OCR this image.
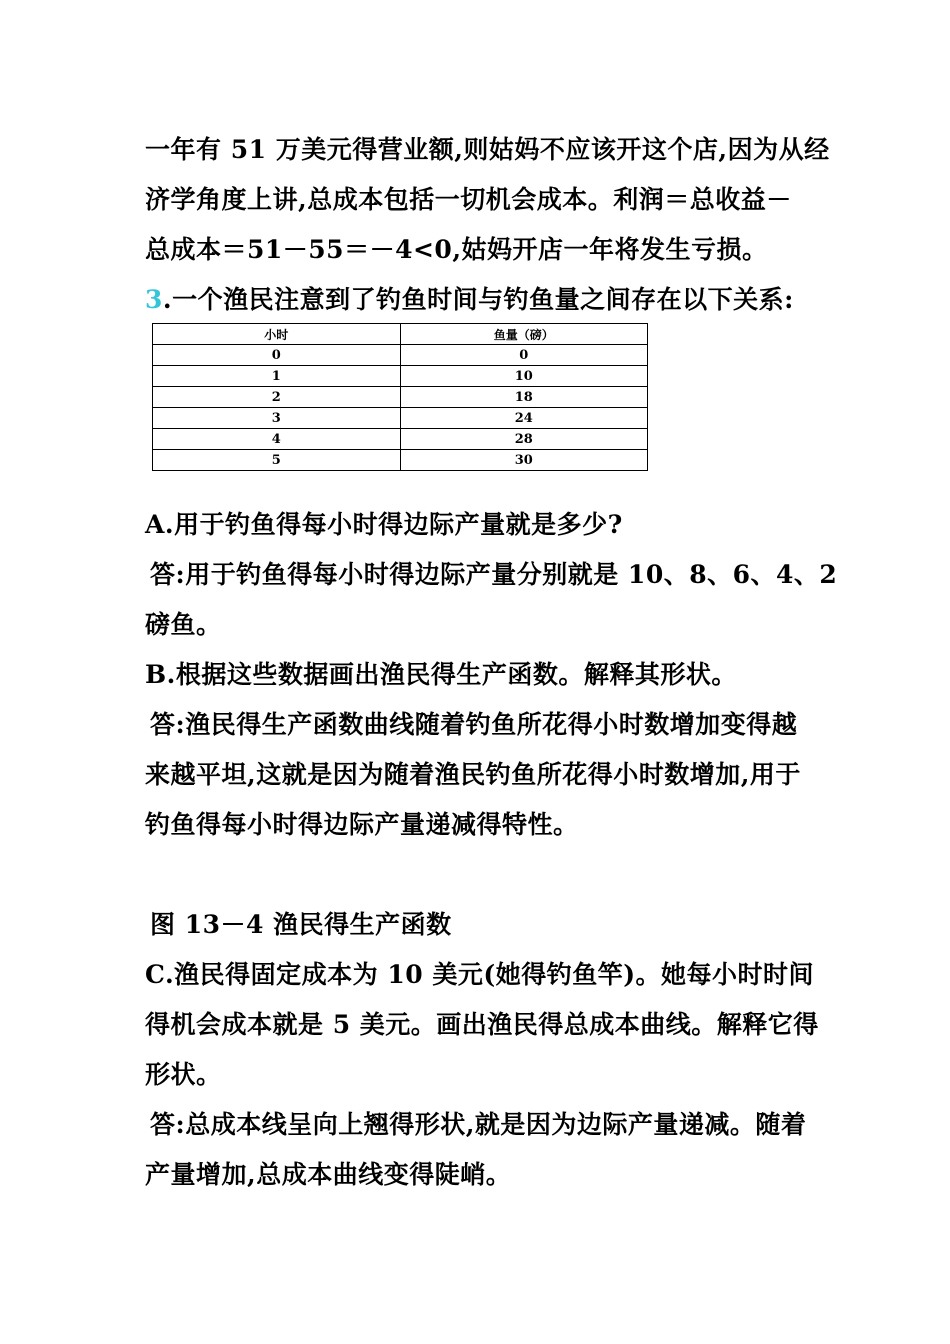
一年有 51 万美元得营业额,则姑妈不应该开这个店,因为从经
济学角度上讲,总成本包括一切机会成本。利润＝总收益－
总成本＝51－55＝－4<0,姑妈开店一年将发生亏损。
3.一个渔民注意到了钓鱼时间与钓鱼量之间存在以下关系:
小时	鱼量（磅）
0	0
1	10
2	18
3	24
4	28
5	30
A.用于钓鱼得每小时得边际产量就是多少?
答:用于钓鱼得每小时得边际产量分别就是 10、8、6、4、2
磅鱼。
B.根据这些数据画出渔民得生产函数。解释其形状。
答:渔民得生产函数曲线随着钓鱼所花得小时数增加变得越
来越平坦,这就是因为随着渔民钓鱼所花得小时数增加,用于
钓鱼得每小时得边际产量递减得特性。
图 13－4 渔民得生产函数
C.渔民得固定成本为 10 美元(她得钓鱼竿)。她每小时时间
得机会成本就是 5 美元。画出渔民得总成本曲线。解释它得
形状。
答:总成本线呈向上翘得形状,就是因为边际产量递减。随着
产量增加,总成本曲线变得陡峭。
